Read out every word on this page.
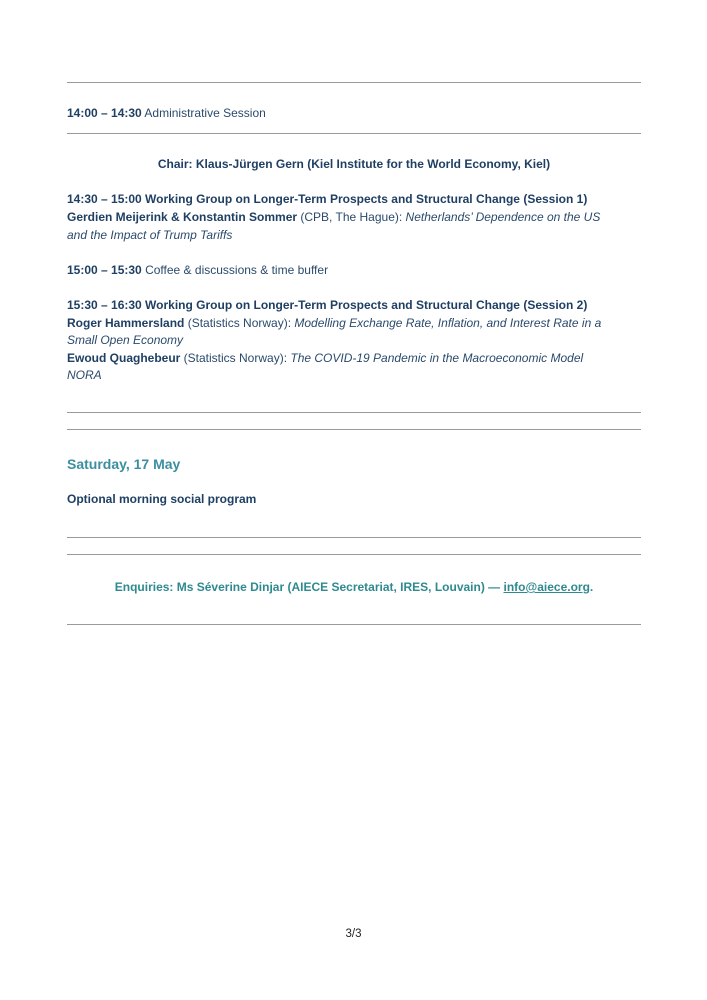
14:00 – 14:30 Administrative Session
Chair: Klaus-Jürgen Gern (Kiel Institute for the World Economy, Kiel)
14:30 – 15:00 Working Group on Longer-Term Prospects and Structural Change (Session 1)
Gerdien Meijerink & Konstantin Sommer (CPB, The Hague): Netherlands’ Dependence on the US
and the Impact of Trump Tariffs
15:00 – 15:30 Coffee & discussions & time buffer
15:30 – 16:30 Working Group on Longer-Term Prospects and Structural Change (Session 2)
Roger Hammersland (Statistics Norway): Modelling Exchange Rate, Inflation, and Interest Rate in a
Small Open Economy
Ewoud Quaghebeur (Statistics Norway): The COVID-19 Pandemic in the Macroeconomic Model
NORA
Saturday, 17 May
Optional morning social program
Enquiries: Ms Séverine Dinjar (AIECE Secretariat, IRES, Louvain) — info@aiece.org.
3/3
